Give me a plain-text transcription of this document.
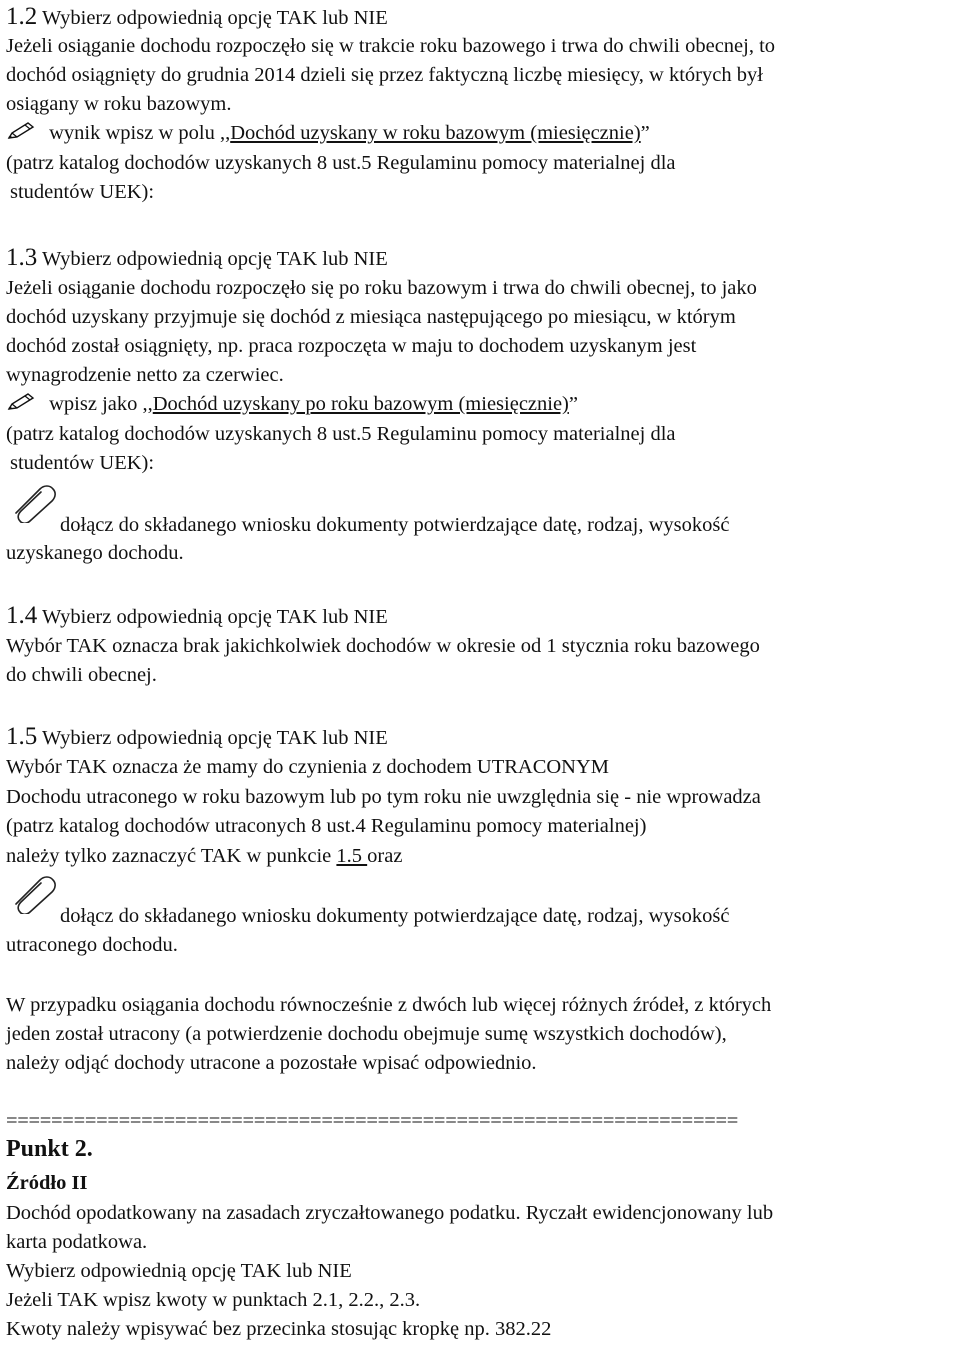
1.2 Wybierz odpowiednią opcję TAK lub NIE
Jeżeli osiąganie dochodu rozpoczęło się w trakcie roku bazowego i trwa do chwili obecnej, to
dochód osiągnięty do grudnia 2014 dzieli się przez faktyczną liczbę miesięcy, w których był
osiągany w roku bazowym.
wynik wpisz w polu ,,Dochód uzyskany w roku bazowym (miesięcznie)”
(patrz katalog dochodów uzyskanych 8 ust.5 Regulaminu pomocy materialnej dla
studentów UEK):
1.3 Wybierz odpowiednią opcję TAK lub NIE
Jeżeli osiąganie dochodu rozpoczęło się po roku bazowym i trwa do chwili obecnej, to jako
dochód uzyskany przyjmuje się dochód z miesiąca następującego po miesiącu, w którym
dochód został osiągnięty, np. praca rozpoczęta w maju to dochodem uzyskanym jest
wynagrodzenie netto za czerwiec.
wpisz jako ,,Dochód uzyskany po roku bazowym (miesięcznie)”
(patrz katalog dochodów uzyskanych 8 ust.5 Regulaminu pomocy materialnej dla
studentów UEK):
dołącz do składanego wniosku dokumenty potwierdzające datę, rodzaj, wysokość
uzyskanego dochodu.
1.4 Wybierz odpowiednią opcję TAK lub NIE
Wybór TAK oznacza brak jakichkolwiek dochodów w okresie od 1 stycznia roku bazowego
do chwili obecnej.
1.5 Wybierz odpowiednią opcję TAK lub NIE
Wybór TAK oznacza że mamy do czynienia z dochodem UTRACONYM
Dochodu utraconego w roku bazowym lub po tym roku nie uwzględnia się - nie wprowadza
(patrz katalog dochodów utraconych 8 ust.4 Regulaminu pomocy materialnej)
należy tylko zaznaczyć TAK w punkcie 1.5 oraz
dołącz do składanego wniosku dokumenty potwierdzające datę, rodzaj, wysokość
utraconego dochodu.
W przypadku osiągania dochodu równocześnie z dwóch lub więcej różnych źródeł, z których
jeden został utracony (a potwierdzenie dochodu obejmuje sumę wszystkich dochodów),
należy odjąć dochody utracone a pozostałe wpisać odpowiednio.
=================================================================
Punkt 2.
Źródło II
Dochód opodatkowany na zasadach zryczałtowanego podatku. Ryczałt ewidencjonowany lub
karta podatkowa.
Wybierz odpowiednią opcję TAK lub NIE
Jeżeli TAK wpisz kwoty w punktach 2.1, 2.2., 2.3.
Kwoty należy wpisywać bez przecinka stosując kropkę np. 382.22
